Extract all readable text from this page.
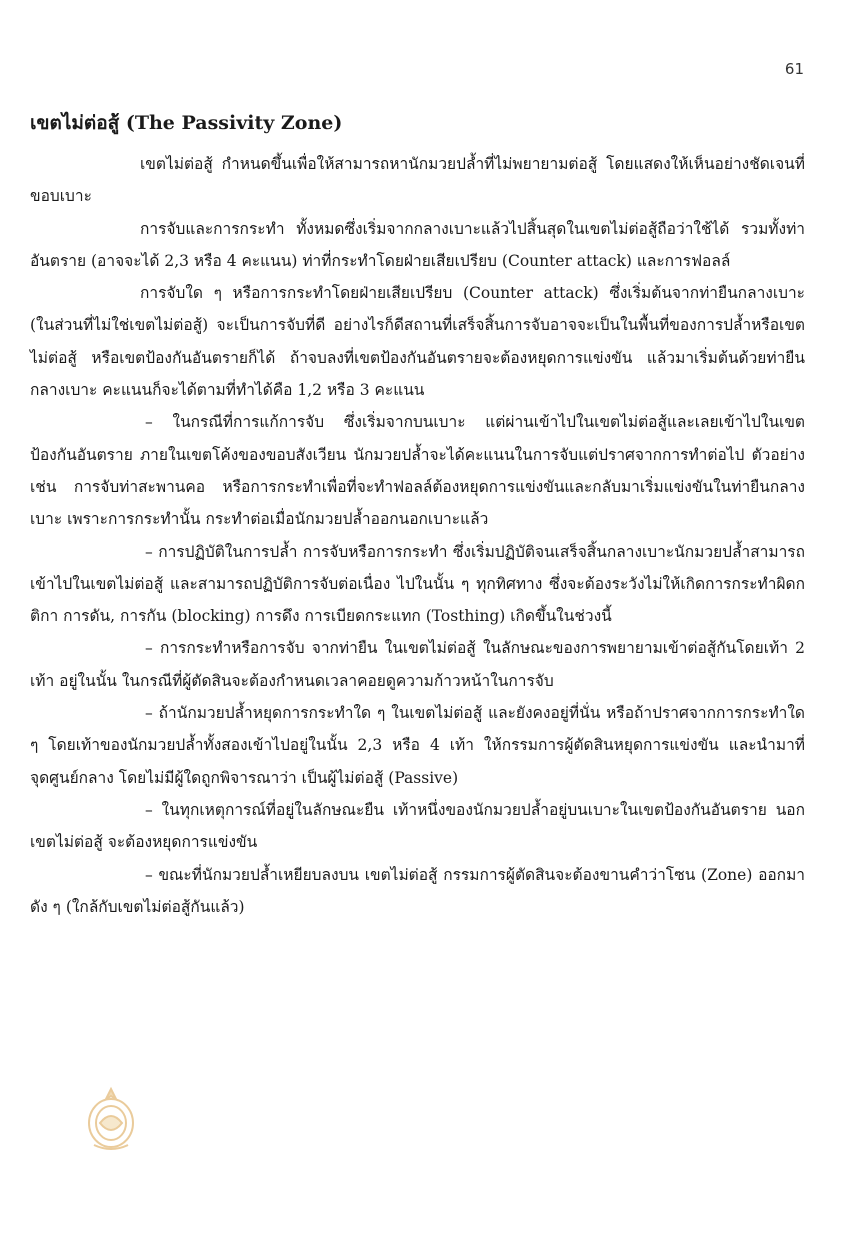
61
เขตไม่ต่อสู้ (The Passivity Zone)

เขตไม่ต่อสู้ กำหนดขึ้นเพื่อให้สามารถหานักมวยปล้ำที่ไม่พยายามต่อสู้ โดยแสดงให้เห็นอย่างชัดเจนที่ขอบเบาะ

การจับและการกระทำ ทั้งหมดซึ่งเริ่มจากกลางเบาะแล้วไปสิ้นสุดในเขตไม่ต่อสู้ถือว่าใช้ได้ รวมทั้งท่าอันตราย (อาจจะได้ 2,3 หรือ 4 คะแนน) ท่าที่กระทำโดยฝ่ายเสียเปรียบ (Counter attack) และการฟอลล์

การจับใด ๆ หรือการกระทำโดยฝ่ายเสียเปรียบ (Counter attack) ซึ่งเริ่มต้นจากท่ายืนกลางเบาะ (ในส่วนที่ไม่ใช่เขตไม่ต่อสู้) จะเป็นการจับที่ดี อย่างไรก็ดีสถานที่เสร็จสิ้นการจับอาจจะเป็นในพื้นที่ของการปล้ำหรือเขตไม่ต่อสู้ หรือเขตป้องกันอันตรายก็ได้ ถ้าจบลงที่เขตป้องกันอันตรายจะต้องหยุดการแข่งขัน แล้วมาเริ่มต้นด้วยท่ายืนกลางเบาะ คะแนนก็จะได้ตามที่ทำได้คือ 1,2 หรือ 3 คะแนน

– ในกรณีที่การแก้การจับ ซึ่งเริ่มจากบนเบาะ แต่ผ่านเข้าไปในเขตไม่ต่อสู้และเลยเข้าไปในเขตป้องกันอันตราย ภายในเขตโค้งของขอบสังเวียน นักมวยปล้ำจะได้คะแนนในการจับแต่ปราศจากการทำต่อไป ตัวอย่างเช่น การจับท่าสะพานคอ หรือการกระทำเพื่อที่จะทำฟอลล์ต้องหยุดการแข่งขันและกลับมาเริ่มแข่งขันในท่ายืนกลางเบาะ เพราะการกระทำนั้น กระทำต่อเมื่อนักมวยปล้ำออกนอกเบาะแล้ว

– การปฏิบัติในการปล้ำ การจับหรือการกระทำ ซึ่งเริ่มปฏิบัติจนเสร็จสิ้นกลางเบาะนักมวยปล้ำสามารถเข้าไปในเขตไม่ต่อสู้ และสามารถปฏิบัติการจับต่อเนื่อง ไปในนั้น ๆ ทุกทิศทาง ซึ่งจะต้องระวังไม่ให้เกิดการกระทำผิดกติกา การดัน, การกัน (blocking) การดึง การเบียดกระแทก (Tosthing) เกิดขึ้นในช่วงนี้

– การกระทำหรือการจับ จากท่ายืน ในเขตไม่ต่อสู้ ในลักษณะของการพยายามเข้าต่อสู้กันโดยเท้า 2 เท้า อยู่ในนั้น ในกรณีที่ผู้ตัดสินจะต้องกำหนดเวลาคอยดูความก้าวหน้าในการจับ

– ถ้านักมวยปล้ำหยุดการกระทำใด ๆ ในเขตไม่ต่อสู้ และยังคงอยู่ที่นั่น หรือถ้าปราศจากการกระทำใด ๆ โดยเท้าของนักมวยปล้ำทั้งสองเข้าไปอยู่ในนั้น 2,3 หรือ 4 เท้า ให้กรรมการผู้ตัดสินหยุดการแข่งขัน และนำมาที่จุดศูนย์กลาง โดยไม่มีผู้ใดถูกพิจารณาว่า เป็นผู้ไม่ต่อสู้ (Passive)

– ในทุกเหตุการณ์ที่อยู่ในลักษณะยืน เท้าหนึ่งของนักมวยปล้ำอยู่บนเบาะในเขตป้องกันอันตราย นอกเขตไม่ต่อสู้ จะต้องหยุดการแข่งขัน

– ขณะที่นักมวยปล้ำเหยียบลงบน เขตไม่ต่อสู้ กรรมการผู้ตัดสินจะต้องขานคำว่าโซน (Zone) ออกมาดัง ๆ (ใกล้กับเขตไม่ต่อสู้กันแล้ว)
